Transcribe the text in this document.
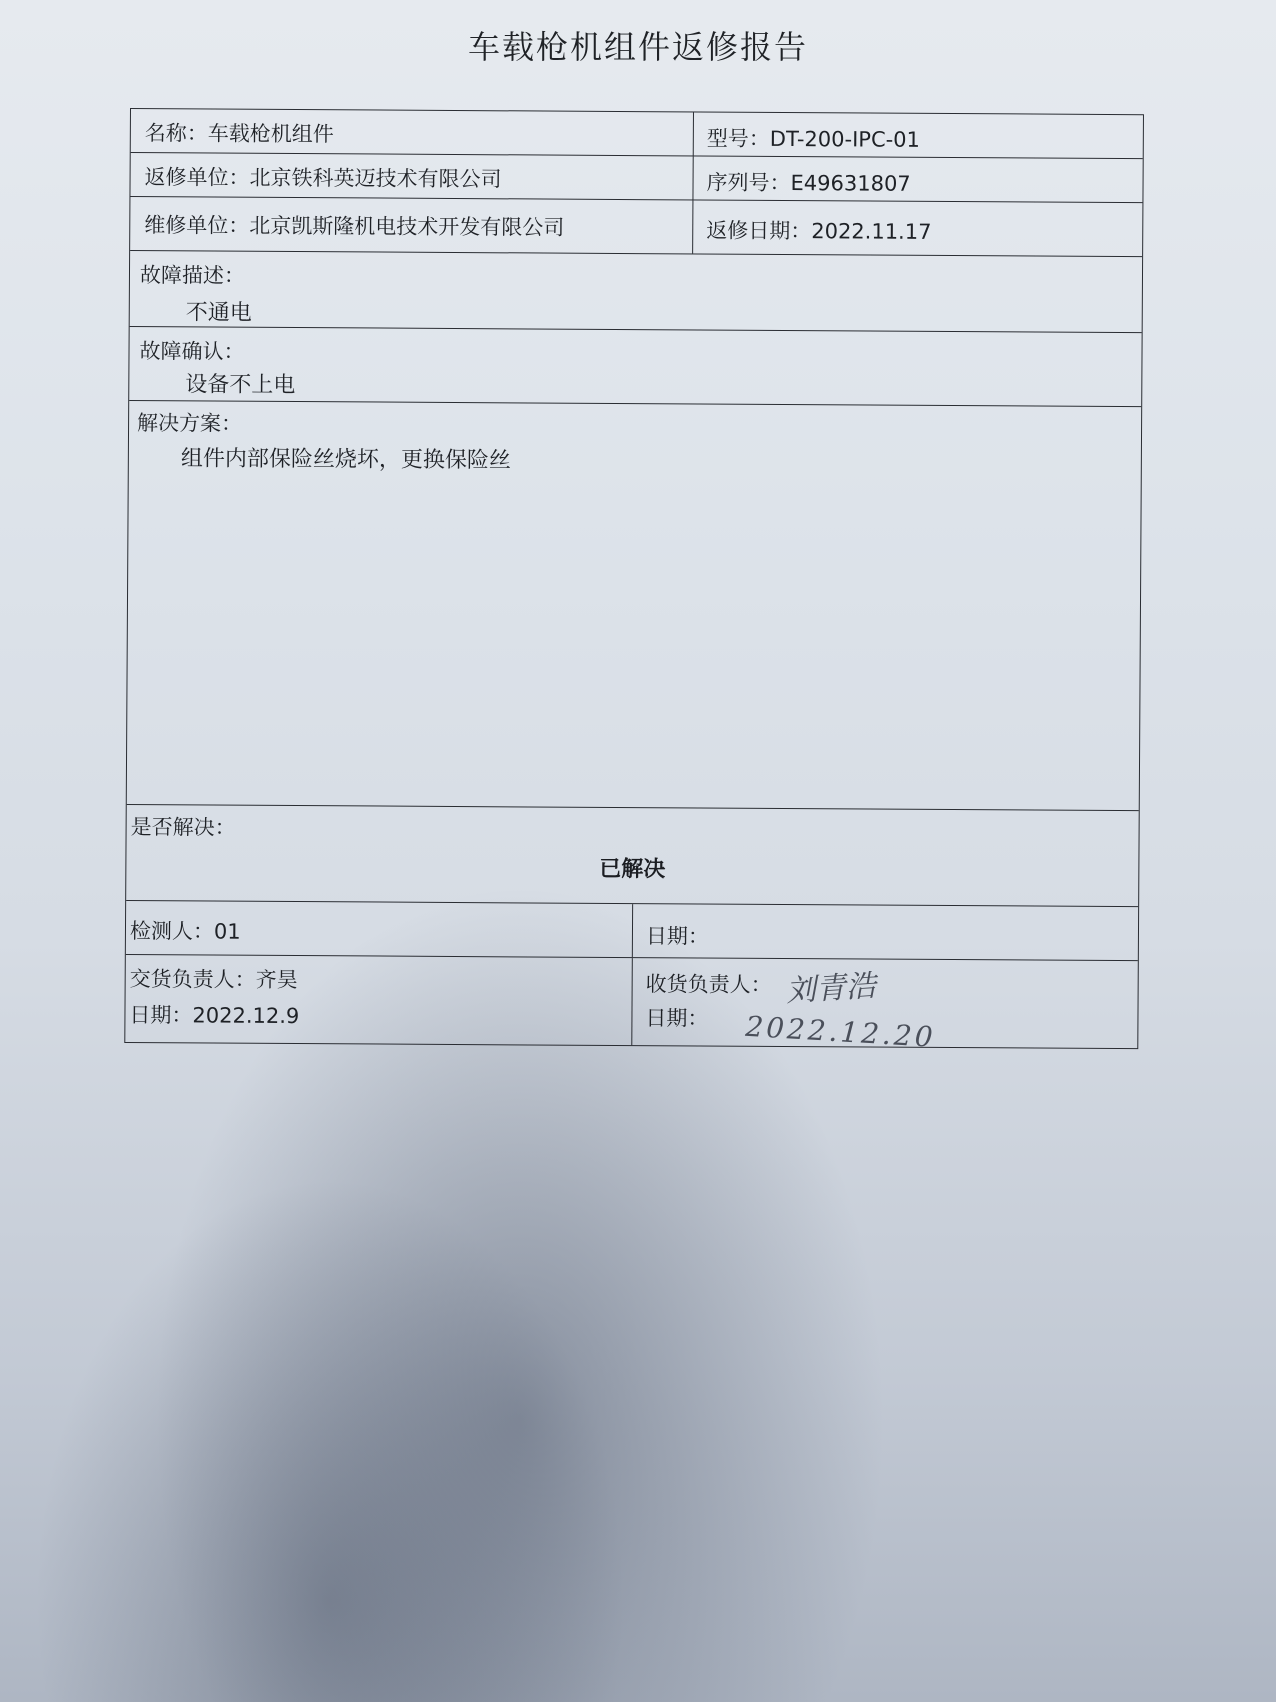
车载枪机组件返修报告
名称：车载枪机组件	型号：DT-200-IPC-01
返修单位：北京铁科英迈技术有限公司	序列号：E49631807
维修单位：北京凯斯隆机电技术开发有限公司	返修日期：2022.11.17
故障描述：
不通电
故障确认：
设备不上电
解决方案：
组件内部保险丝烧坏，更换保险丝
是否解决：
已解决
检测人：01	日期：
交货负责人：齐昊
日期：2022.12.9
收货负责人： 刘青浩
日期： 2022.12.20
